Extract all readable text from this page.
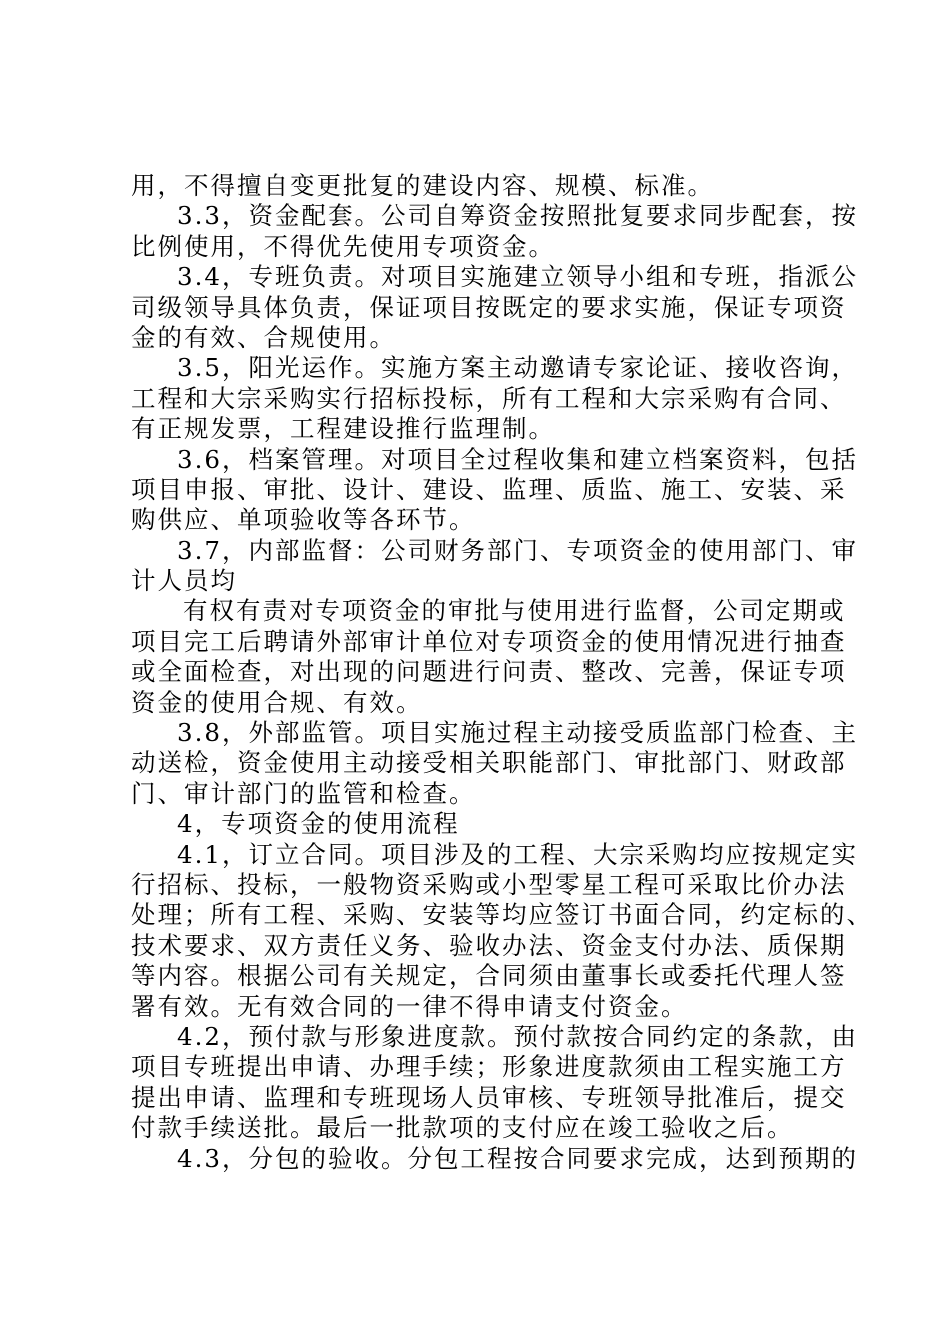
用，不得擅自变更批复的建设内容、规模、标准。
3.3，资金配套。公司自筹资金按照批复要求同步配套，按
比例使用，不得优先使用专项资金。
3.4，专班负责。对项目实施建立领导小组和专班，指派公
司级领导具体负责，保证项目按既定的要求实施，保证专项资
金的有效、合规使用。
3.5，阳光运作。实施方案主动邀请专家论证、接收咨询，
工程和大宗采购实行招标投标，所有工程和大宗采购有合同、
有正规发票，工程建设推行监理制。
3.6，档案管理。对项目全过程收集和建立档案资料，包括
项目申报、审批、设计、建设、监理、质监、施工、安装、采
购供应、单项验收等各环节。
3.7，内部监督：公司财务部门、专项资金的使用部门、审
计人员均
有权有责对专项资金的审批与使用进行监督，公司定期或
项目完工后聘请外部审计单位对专项资金的使用情况进行抽查
或全面检查，对出现的问题进行问责、整改、完善，保证专项
资金的使用合规、有效。
3.8，外部监管。项目实施过程主动接受质监部门检查、主
动送检，资金使用主动接受相关职能部门、审批部门、财政部
门、审计部门的监管和检查。
4，专项资金的使用流程
4.1，订立合同。项目涉及的工程、大宗采购均应按规定实
行招标、投标，一般物资采购或小型零星工程可采取比价办法
处理；所有工程、采购、安装等均应签订书面合同，约定标的、
技术要求、双方责任义务、验收办法、资金支付办法、质保期
等内容。根据公司有关规定，合同须由董事长或委托代理人签
署有效。无有效合同的一律不得申请支付资金。
4.2，预付款与形象进度款。预付款按合同约定的条款，由
项目专班提出申请、办理手续；形象进度款须由工程实施工方
提出申请、监理和专班现场人员审核、专班领导批准后，提交
付款手续送批。最后一批款项的支付应在竣工验收之后。
4.3，分包的验收。分包工程按合同要求完成，达到预期的
